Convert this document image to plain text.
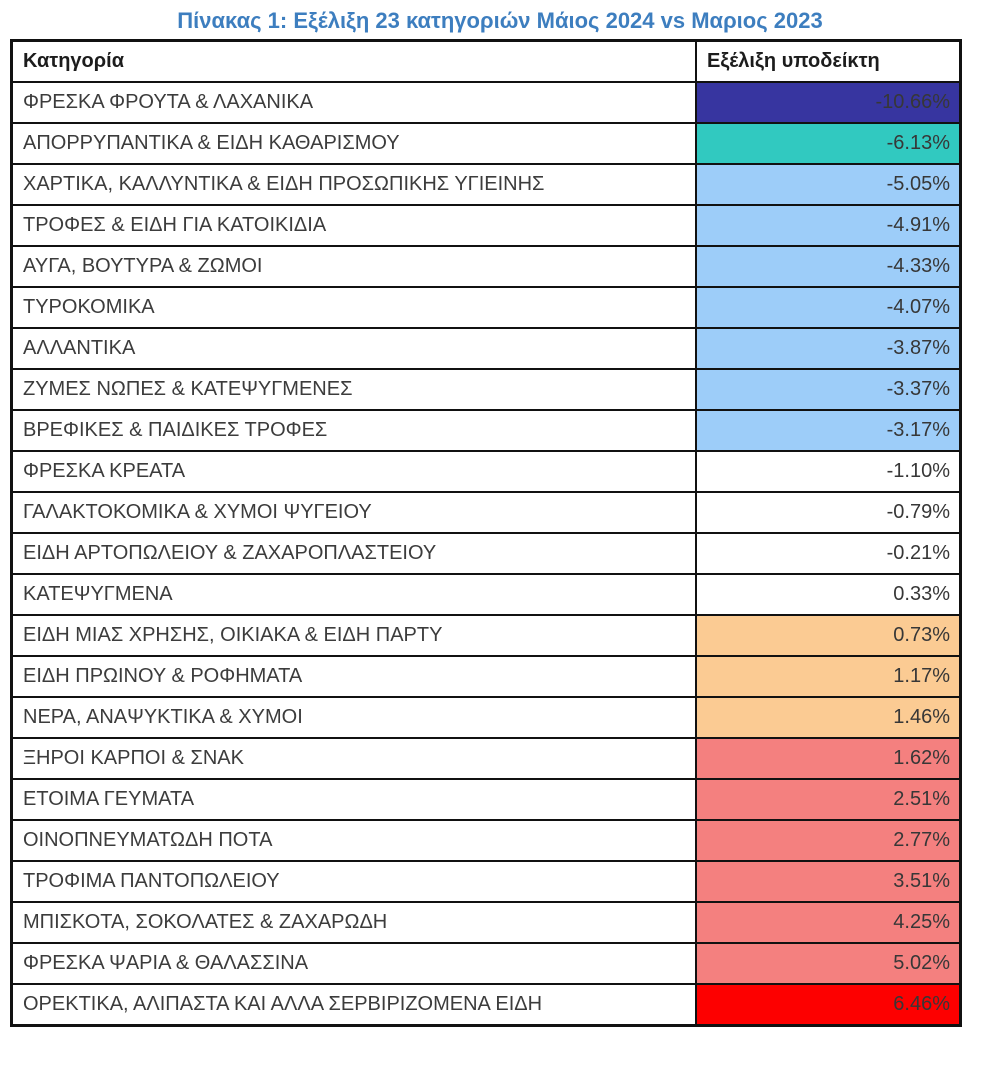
Πίνακας 1: Εξέλιξη 23 κατηγοριών Μάιος 2024 vs Μαριος 2023
Κατηγορία	Εξέλιξη υποδείκτη
ΦΡΕΣΚΑ ΦΡΟΥΤΑ & ΛΑΧΑΝΙΚΑ	-10.66%
ΑΠΟΡΡΥΠΑΝΤΙΚΑ & ΕΙΔΗ ΚΑΘΑΡΙΣΜΟΥ	-6.13%
ΧΑΡΤΙΚΑ, ΚΑΛΛΥΝΤΙΚΑ & ΕΙΔΗ ΠΡΟΣΩΠΙΚΗΣ ΥΓΙΕΙΝΗΣ	-5.05%
ΤΡΟΦΕΣ & ΕΙΔΗ ΓΙΑ ΚΑΤΟΙΚΙΔΙΑ	-4.91%
ΑΥΓΑ, ΒΟΥΤΥΡΑ & ΖΩΜΟΙ	-4.33%
ΤΥΡΟΚΟΜΙΚΑ	-4.07%
ΑΛΛΑΝΤΙΚΑ	-3.87%
ΖΥΜΕΣ ΝΩΠΕΣ & ΚΑΤΕΨΥΓΜΕΝΕΣ	-3.37%
ΒΡΕΦΙΚΕΣ & ΠΑΙΔΙΚΕΣ ΤΡΟΦΕΣ	-3.17%
ΦΡΕΣΚΑ ΚΡΕΑΤΑ	-1.10%
ΓΑΛΑΚΤΟΚΟΜΙΚΑ & ΧΥΜΟΙ ΨΥΓΕΙΟΥ	-0.79%
ΕΙΔΗ ΑΡΤΟΠΩΛΕΙΟΥ & ΖΑΧΑΡΟΠΛΑΣΤΕΙΟΥ	-0.21%
ΚΑΤΕΨΥΓΜΕΝΑ	0.33%
ΕΙΔΗ ΜΙΑΣ ΧΡΗΣΗΣ, ΟΙΚΙΑΚΑ & ΕΙΔΗ ΠΑΡΤΥ	0.73%
ΕΙΔΗ ΠΡΩΙΝΟΥ & ΡΟΦΗΜΑΤΑ	1.17%
ΝΕΡΑ, ΑΝΑΨΥΚΤΙΚΑ & ΧΥΜΟΙ	1.46%
ΞΗΡΟΙ ΚΑΡΠΟΙ & ΣΝΑΚ	1.62%
ΕΤΟΙΜΑ ΓΕΥΜΑΤΑ	2.51%
ΟΙΝΟΠΝΕΥΜΑΤΩΔΗ ΠΟΤΑ	2.77%
ΤΡΟΦΙΜΑ ΠΑΝΤΟΠΩΛΕΙΟΥ	3.51%
ΜΠΙΣΚΟΤΑ, ΣΟΚΟΛΑΤΕΣ & ΖΑΧΑΡΩΔΗ	4.25%
ΦΡΕΣΚΑ ΨΑΡΙΑ & ΘΑΛΑΣΣΙΝΑ	5.02%
ΟΡΕΚΤΙΚΑ, ΑΛΙΠΑΣΤΑ ΚΑΙ ΑΛΛΑ ΣΕΡΒΙΡΙΖΟΜΕΝΑ ΕΙΔΗ	6.46%
